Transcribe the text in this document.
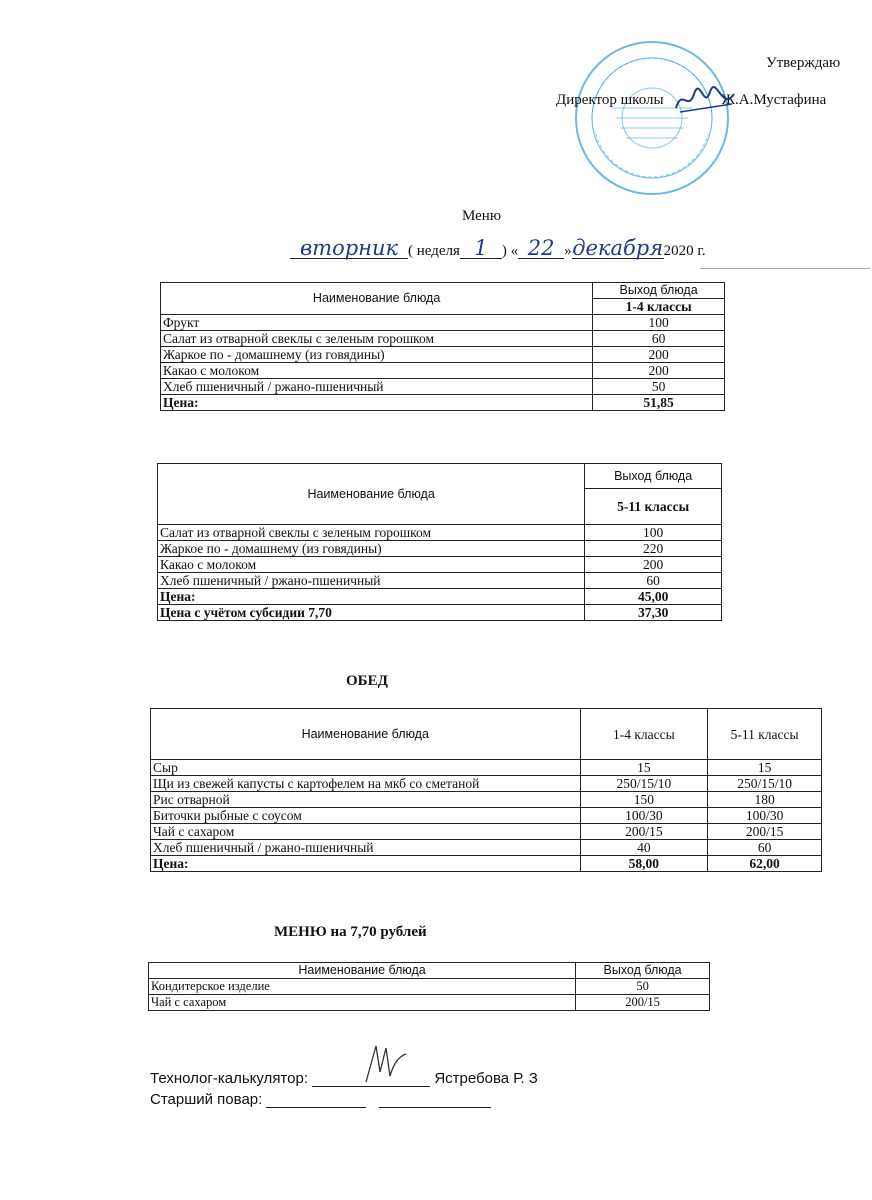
Утверждаю
Директор школы	Ж.А.Мустафина
Меню
вторник ( неделя 1 ) « 22 »декабря2020 г.
Наименование блюда	Выход блюда
	1-4 классы
Фрукт	100
Салат из отварной свеклы с зеленым горошком	60
Жаркое по - домашнему (из говядины)	200
Какао с молоком	200
Хлеб пшеничный / ржано-пшеничный	50
Цена:	51,85
Наименование блюда	Выход блюда
	5-11 классы
Салат из отварной свеклы с зеленым горошком	100
Жаркое по - домашнему (из говядины)	220
Какао с молоком	200
Хлеб пшеничный / ржано-пшеничный	60
Цена:	45,00
Цена с учётом субсидии 7,70	37,30
ОБЕД
Наименование блюда	1-4 классы	5-11 классы
Сыр	15	15
Щи из свежей капусты с картофелем на мкб со сметаной	250/15/10	250/15/10
Рис отварной	150	180
Биточки рыбные с соусом	100/30	100/30
Чай с сахаром	200/15	200/15
Хлеб пшеничный / ржано-пшеничный	40	60
Цена:	58,00	62,00
МЕНЮ на 7,70 рублей
Наименование блюда	Выход блюда
Кондитерское изделие	50
Чай с сахаром	200/15
Технолог-калькулятор:	Ястребова Р. З
Старший повар:
